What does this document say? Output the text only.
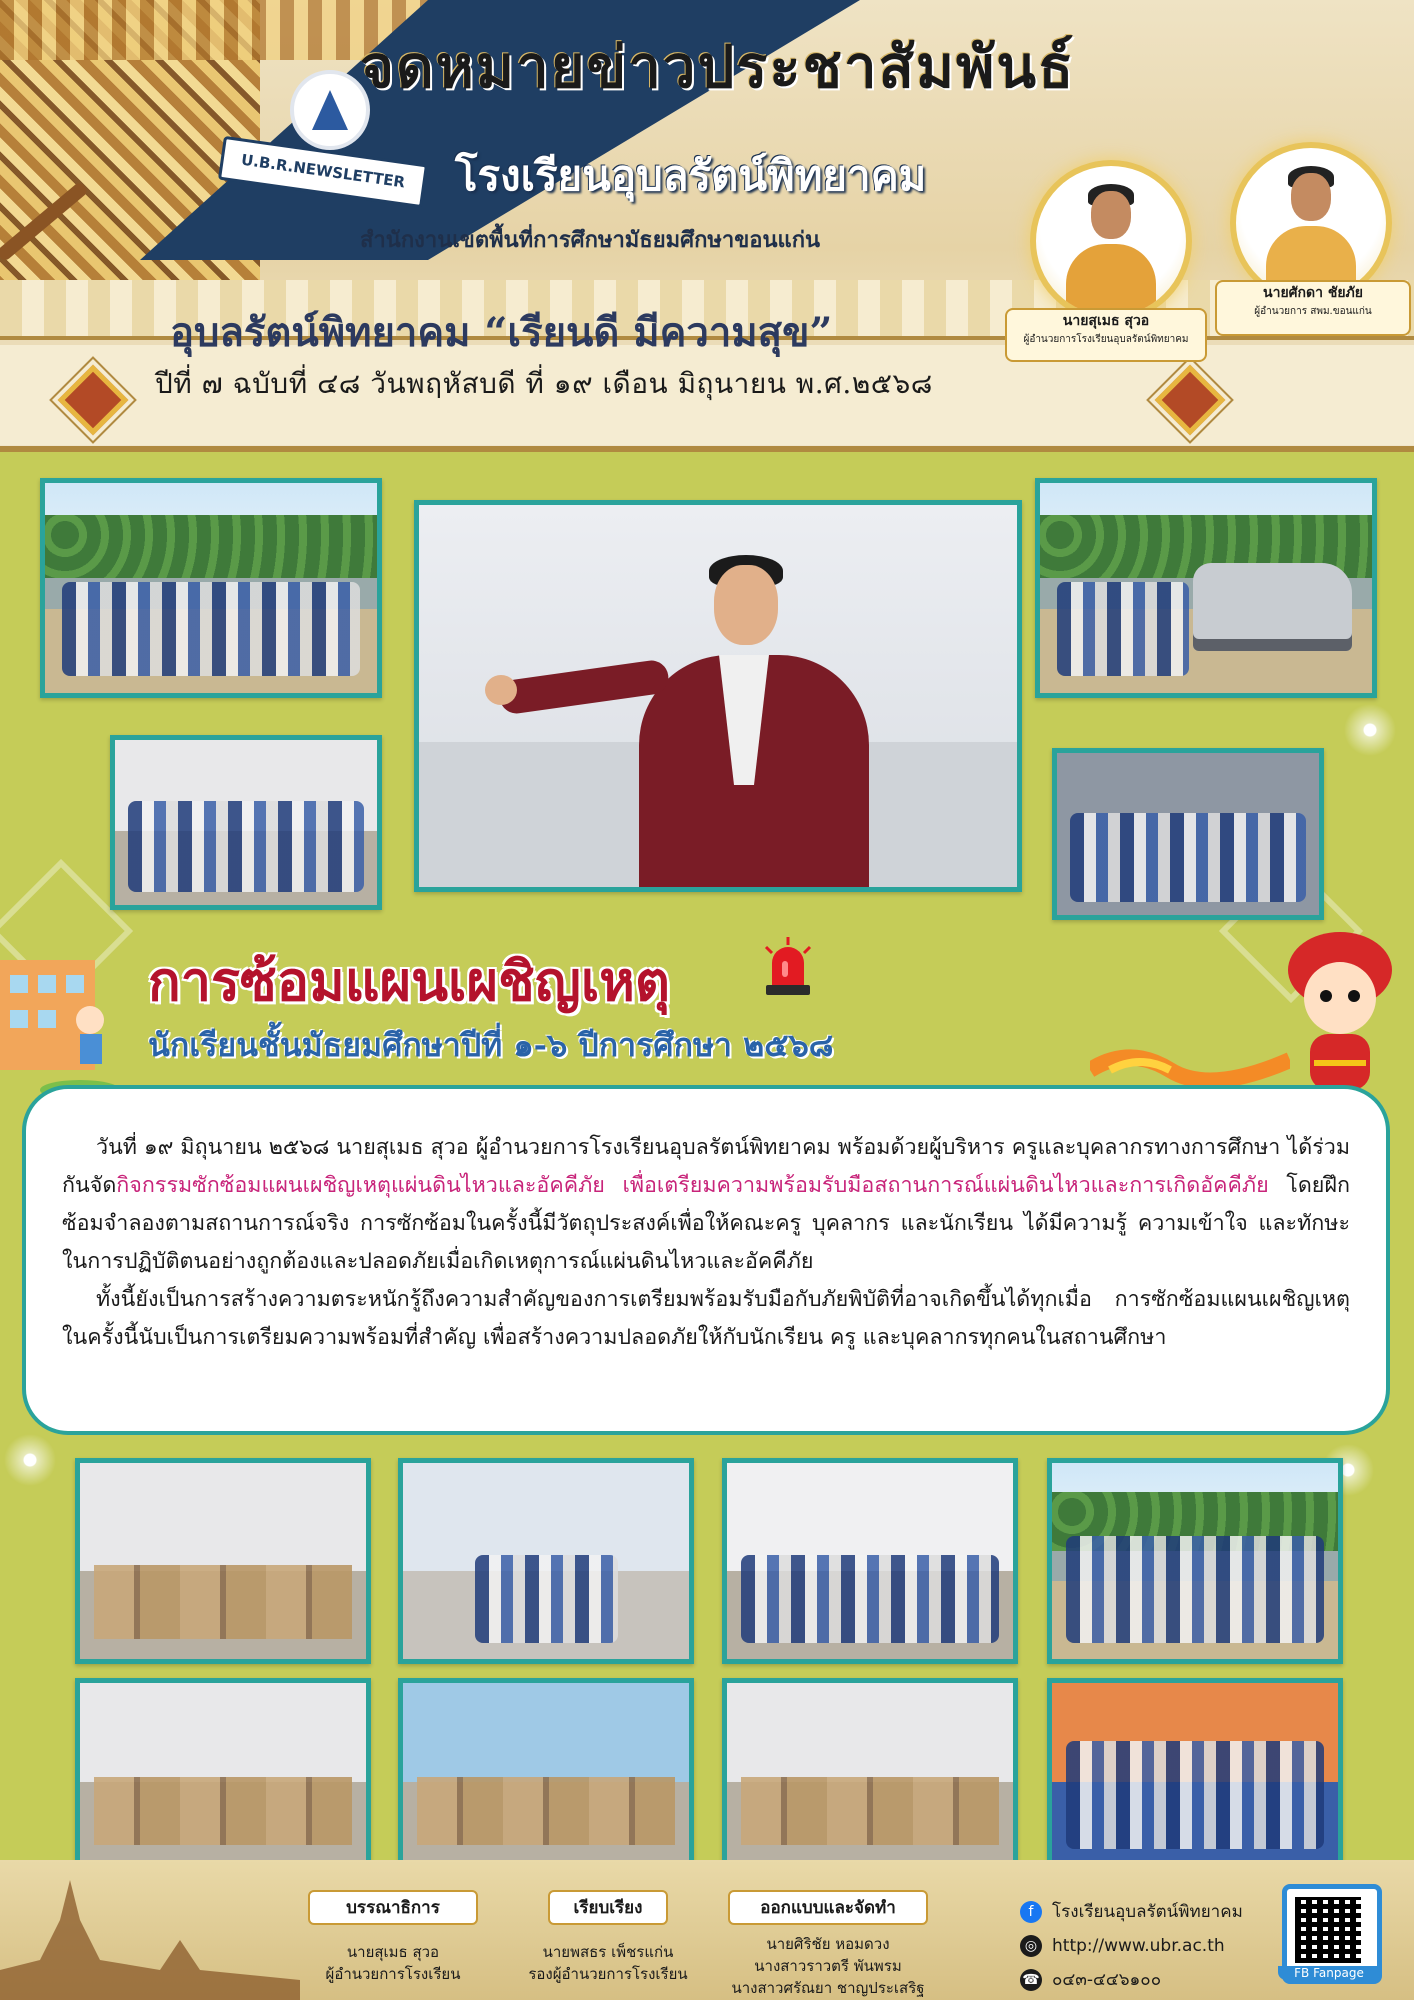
U.B.R.NEWSLETTER
จดหมายข่าวประชาสัมพันธ์
โรงเรียนอุบลรัตน์พิทยาคม
สำนักงานเขตพื้นที่การศึกษามัธยมศึกษาขอนแก่น
อุบลรัตน์พิทยาคม “เรียนดี มีความสุข”
ปีที่ ๗ ฉบับที่ ๔๘ วันพฤหัสบดี ที่ ๑๙ เดือน มิถุนายน พ.ศ.๒๕๖๘
นายสุเมธ สุวอ
ผู้อำนวยการโรงเรียนอุบลรัตน์พิทยาคม
นายศักดา ชัยภัย
ผู้อำนวยการ สพม.ขอนแก่น
การซ้อมแผนเผชิญเหตุ
นักเรียนชั้นมัธยมศึกษาปีที่ ๑-๖ ปีการศึกษา ๒๕๖๘

วันที่ ๑๙ มิถุนายน ๒๕๖๘ นายสุเมธ สุวอ ผู้อำนวยการโรงเรียนอุบลรัตน์พิทยาคม พร้อมด้วยผู้บริหาร ครูและบุคลากรทางการศึกษา ได้ร่วมกันจัดกิจกรรมซักซ้อมแผนเผชิญเหตุแผ่นดินไหวและอัคคีภัย เพื่อเตรียมความพร้อมรับมือสถานการณ์แผ่นดินไหวและการเกิดอัคคีภัย โดยฝึกซ้อมจำลองตามสถานการณ์จริง การซักซ้อมในครั้งนี้มีวัตถุประสงค์เพื่อให้คณะครู บุคลากร และนักเรียน ได้มีความรู้ ความเข้าใจ และทักษะในการปฏิบัติตนอย่างถูกต้องและปลอดภัยเมื่อเกิดเหตุการณ์แผ่นดินไหวและอัคคีภัย

ทั้งนี้ยังเป็นการสร้างความตระหนักรู้ถึงความสำคัญของการเตรียมพร้อมรับมือกับภัยพิบัติที่อาจเกิดขึ้นได้ทุกเมื่อ การซักซ้อมแผนเผชิญเหตุในครั้งนี้นับเป็นการเตรียมความพร้อมที่สำคัญ เพื่อสร้างความปลอดภัยให้กับนักเรียน ครู และบุคลากรทุกคนในสถานศึกษา

บรรณาธิการ
นายสุเมธ สุวอ
ผู้อำนวยการโรงเรียน
เรียบเรียง
นายพสธร เพ็ชรแก่น
รองผู้อำนวยการโรงเรียน
ออกแบบและจัดทำ
นายศิริชัย หอมดวง
นางสาวราวตรี พันพรม
นางสาวศรัณยา ชาญประเสริฐ
f โรงเรียนอุบลรัตน์พิทยาคม
◎ http://www.ubr.ac.th
☎ ๐๔๓-๔๔๖๑๐๐	FB Fanpage
